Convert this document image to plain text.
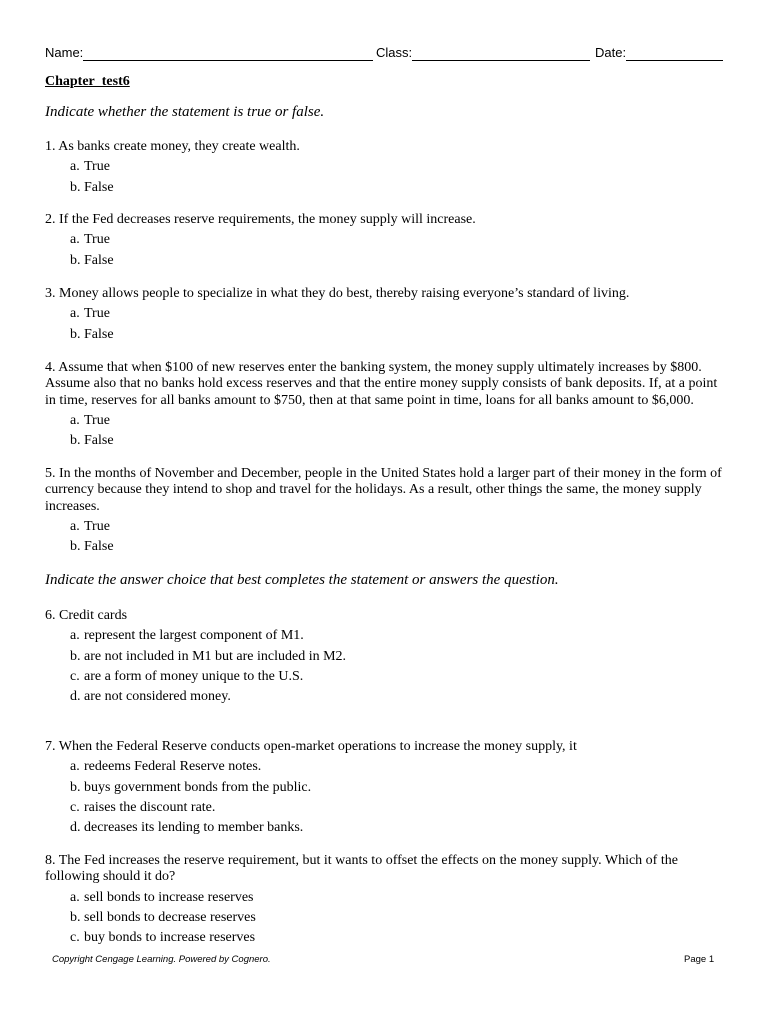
Name:	Class:	Date:
Chapter_test6
Indicate whether the statement is true or false.
1. As banks create money, they create wealth.
a. True
b. False
2. If the Fed decreases reserve requirements, the money supply will increase.
a. True
b. False
3. Money allows people to specialize in what they do best, thereby raising everyone’s standard of living.
a. True
b. False
4. Assume that when $100 of new reserves enter the banking system, the money supply ultimately increases by $800. Assume also that no banks hold excess reserves and that the entire money supply consists of bank deposits. If, at a point in time, reserves for all banks amount to $750, then at that same point in time, loans for all banks amount to $6,000.
a. True
b. False
5. In the months of November and December, people in the United States hold a larger part of their money in the form of currency because they intend to shop and travel for the holidays. As a result, other things the same, the money supply increases.
a. True
b. False
Indicate the answer choice that best completes the statement or answers the question.
6. Credit cards
a. represent the largest component of M1.
b. are not included in M1 but are included in M2.
c. are a form of money unique to the U.S.
d. are not considered money.
7. When the Federal Reserve conducts open-market operations to increase the money supply, it
a. redeems Federal Reserve notes.
b. buys government bonds from the public.
c. raises the discount rate.
d. decreases its lending to member banks.
8. The Fed increases the reserve requirement, but it wants to offset the effects on the money supply. Which of the following should it do?
a. sell bonds to increase reserves
b. sell bonds to decrease reserves
c. buy bonds to increase reserves
Copyright Cengage Learning. Powered by Cognero.	Page 1
